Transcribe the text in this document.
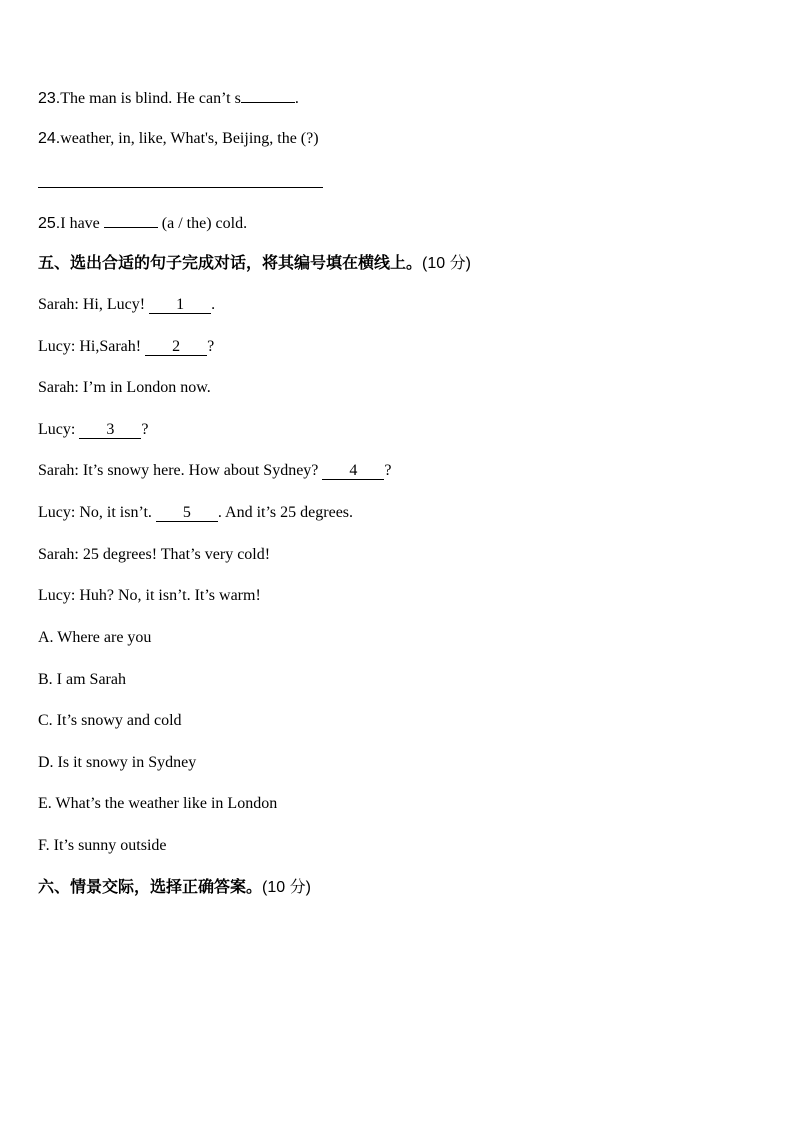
23.The man is blind. He can’t s	.
24.weather, in, like, What's, Beijing, the (?)
25.I have	(a / the) cold.
五、选出合适的句子完成对话，将其编号填在横线上。(10 分)
Sarah: Hi, Lucy! 1 .
Lucy: Hi,Sarah! 2 ?
Sarah: I’m in London now.
Lucy: 3 ?
Sarah: It’s snowy here. How about Sydney? 4 ?
Lucy: No, it isn’t. 5 . And it’s 25 degrees.
Sarah: 25 degrees! That’s very cold!
Lucy: Huh? No, it isn’t. It’s warm!
A. Where are you
B. I am Sarah
C. It’s snowy and cold
D. Is it snowy in Sydney
E. What’s the weather like in London
F. It’s sunny outside
六、情景交际，选择正确答案。(10 分)
